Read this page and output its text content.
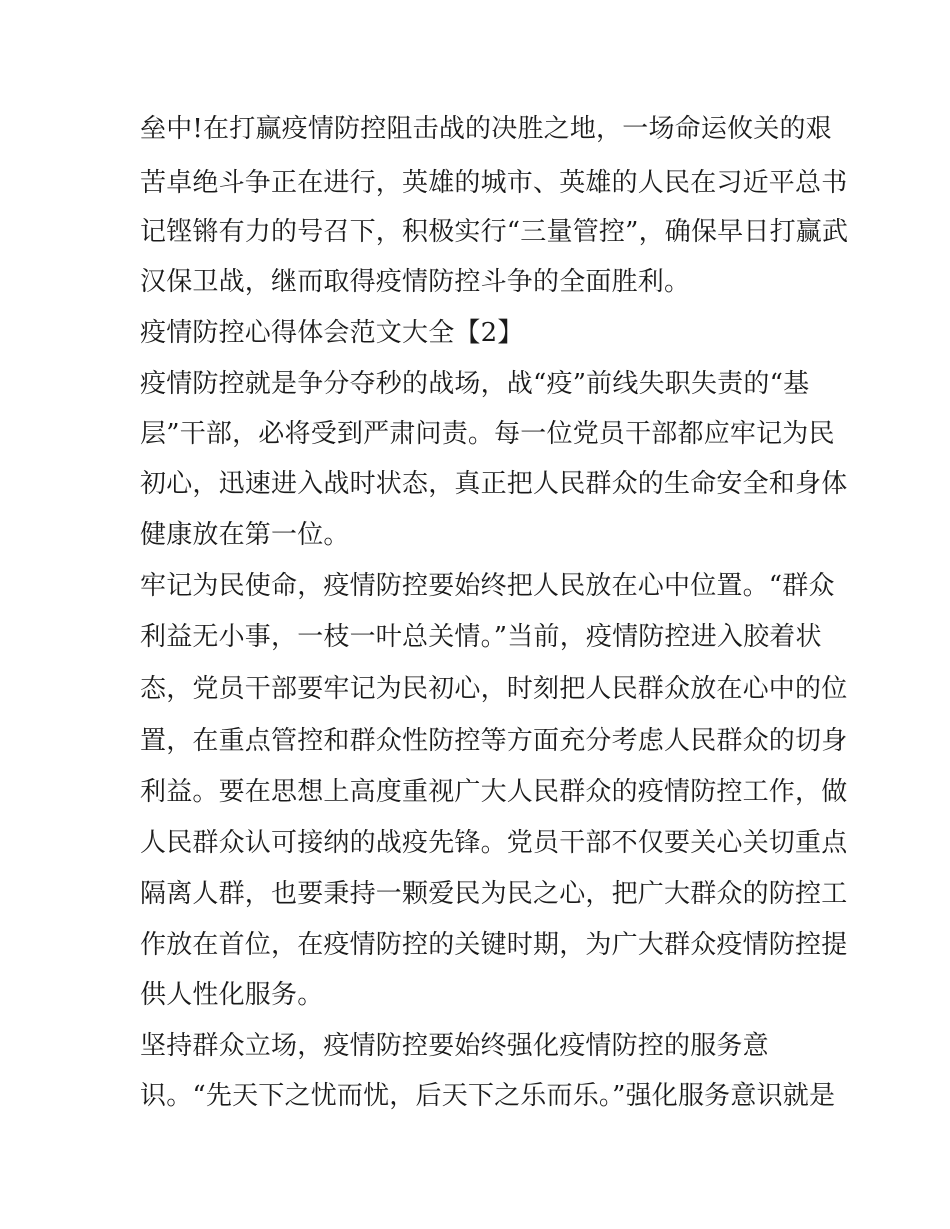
垒中!在打赢疫情防控阻击战的决胜之地，一场命运攸关的艰
苦卓绝斗争正在进行，英雄的城市、英雄的人民在习近平总书
记铿锵有力的号召下，积极实行“三量管控”，确保早日打赢武
汉保卫战，继而取得疫情防控斗争的全面胜利。
疫情防控心得体会范文大全【2】
疫情防控就是争分夺秒的战场，战“疫”前线失职失责的“基
层”干部，必将受到严肃问责。每一位党员干部都应牢记为民
初心，迅速进入战时状态，真正把人民群众的生命安全和身体
健康放在第一位。
牢记为民使命，疫情防控要始终把人民放在心中位置。“群众
利益无小事，一枝一叶总关情。”当前，疫情防控进入胶着状
态，党员干部要牢记为民初心，时刻把人民群众放在心中的位
置，在重点管控和群众性防控等方面充分考虑人民群众的切身
利益。要在思想上高度重视广大人民群众的疫情防控工作，做
人民群众认可接纳的战疫先锋。党员干部不仅要关心关切重点
隔离人群，也要秉持一颗爱民为民之心，把广大群众的防控工
作放在首位，在疫情防控的关键时期，为广大群众疫情防控提
供人性化服务。
坚持群众立场，疫情防控要始终强化疫情防控的服务意
识。“先天下之忧而忧，后天下之乐而乐。”强化服务意识就是
